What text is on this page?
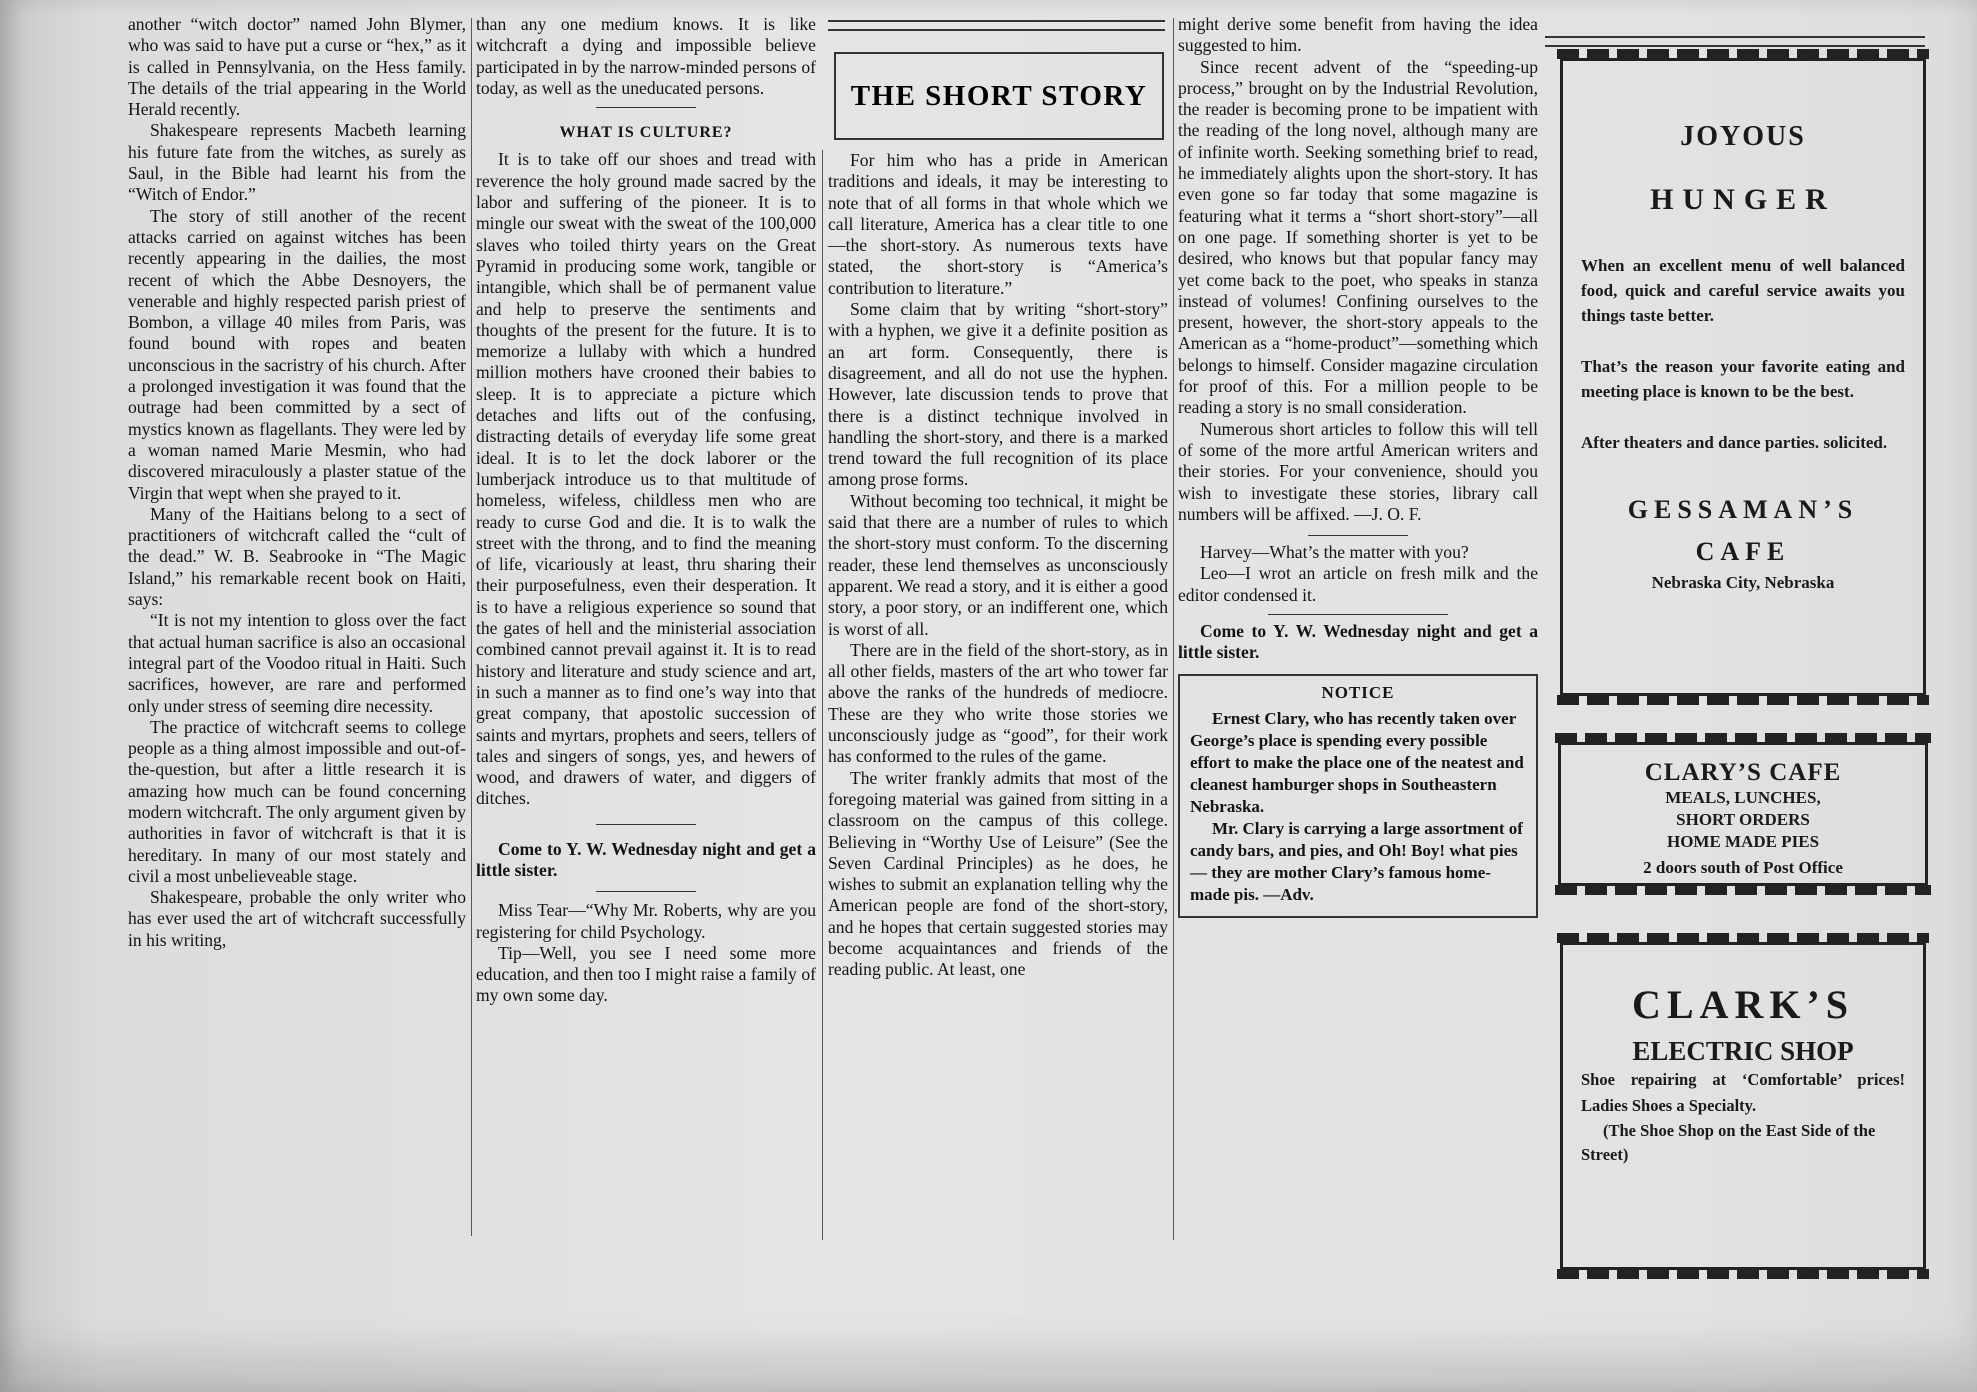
another “witch doctor” named John Blymer, who was said to have put a curse or “hex,” as it is called in Pennsylvania, on the Hess family. The details of the trial appearing in the World Herald recently.

Shakespeare represents Macbeth learning his future fate from the witches, as surely as Saul, in the Bible had learnt his from the “Witch of Endor.”

The story of still another of the recent attacks carried on against witches has been recently appearing in the dailies, the most recent of which the Abbe Desnoyers, the venerable and highly respected parish priest of Bombon, a village 40 miles from Paris, was found bound with ropes and beaten unconscious in the sacristry of his church. After a prolonged investigation it was found that the outrage had been committed by a sect of mystics known as flagellants. They were led by a woman named Marie Mesmin, who had discovered miraculously a plaster statue of the Virgin that wept when she prayed to it.

Many of the Haitians belong to a sect of practitioners of witchcraft called the “cult of the dead.” W. B. Seabrooke in “The Magic Island,” his remarkable recent book on Haiti, says:

“It is not my intention to gloss over the fact that actual human sacrifice is also an occasional integral part of the Voodoo ritual in Haiti. Such sacrifices, however, are rare and performed only under stress of seeming dire necessity.

The practice of witchcraft seems to college people as a thing almost impossible and out-of-the-question, but after a little research it is amazing how much can be found concerning modern witchcraft. The only argument given by authorities in favor of witchcraft is that it is hereditary. In many of our most stately and civil a most unbelieveable stage.

Shakespeare, probable the only writer who has ever used the art of witchcraft successfully in his writing,

than any one medium knows. It is like witchcraft a dying and impossible believe participated in by the narrow-minded persons of today, as well as the uneducated persons.

WHAT IS CULTURE?

It is to take off our shoes and tread with reverence the holy ground made sacred by the labor and suffering of the pioneer. It is to mingle our sweat with the sweat of the 100,000 slaves who toiled thirty years on the Great Pyramid in producing some work, tangible or intangible, which shall be of permanent value and help to preserve the sentiments and thoughts of the present for the future. It is to memorize a lullaby with which a hundred million mothers have crooned their babies to sleep. It is to appreciate a picture which detaches and lifts out of the confusing, distracting details of everyday life some great ideal. It is to let the dock laborer or the lumberjack introduce us to that multitude of homeless, wifeless, childless men who are ready to curse God and die. It is to walk the street with the throng, and to find the meaning of life, vicariously at least, thru sharing their their purposefulness, even their desperation. It is to have a religious experience so sound that the gates of hell and the ministerial association combined cannot prevail against it. It is to read history and literature and study science and art, in such a manner as to find one’s way into that great company, that apostolic succession of saints and myrtars, prophets and seers, tellers of tales and singers of songs, yes, and hewers of wood, and drawers of water, and diggers of ditches.

Come to Y. W. Wednesday night and get a little sister.

Miss Tear—“Why Mr. Roberts, why are you registering for child Psychology.

Tip—Well, you see I need some more education, and then too I might raise a family of my own some day.

THE SHORT STORY

For him who has a pride in American traditions and ideals, it may be interesting to note that of all forms in that whole which we call literature, America has a clear title to one —the short-story. As numerous texts have stated, the short-story is “America’s contribution to literature.”

Some claim that by writing “short-story” with a hyphen, we give it a definite position as an art form. Consequently, there is disagreement, and all do not use the hyphen. However, late discussion tends to prove that there is a distinct technique involved in handling the short-story, and there is a marked trend toward the full recognition of its place among prose forms.

Without becoming too technical, it might be said that there are a number of rules to which the short-story must conform. To the discerning reader, these lend themselves as unconsciously apparent. We read a story, and it is either a good story, a poor story, or an indifferent one, which is worst of all.

There are in the field of the short-story, as in all other fields, masters of the art who tower far above the ranks of the hundreds of mediocre. These are they who write those stories we unconsciously judge as “good”, for their work has conformed to the rules of the game.

The writer frankly admits that most of the foregoing material was gained from sitting in a classroom on the campus of this college. Believing in “Worthy Use of Leisure” (See the Seven Cardinal Principles) as he does, he wishes to submit an explanation telling why the American people are fond of the short-story, and he hopes that certain suggested stories may become acquaintances and friends of the reading public. At least, one

might derive some benefit from having the idea suggested to him.

Since recent advent of the “speeding-up process,” brought on by the Industrial Revolution, the reader is becoming prone to be impatient with the reading of the long novel, although many are of infinite worth. Seeking something brief to read, he immediately alights upon the short-story. It has even gone so far today that some magazine is featuring what it terms a “short short-story”—all on one page. If something shorter is yet to be desired, who knows but that popular fancy may yet come back to the poet, who speaks in stanza instead of volumes! Confining ourselves to the present, however, the short-story appeals to the American as a “home-product”—something which belongs to himself. Consider magazine circulation for proof of this. For a million people to be reading a story is no small consideration.

Numerous short articles to follow this will tell of some of the more artful American writers and their stories. For your convenience, should you wish to investigate these stories, library call numbers will be affixed. —J. O. F.

Harvey—What’s the matter with you?

Leo—I wrot an article on fresh milk and the editor condensed it.

Come to Y. W. Wednesday night and get a little sister.

NOTICE

Ernest Clary, who has recently taken over George’s place is spending every possible effort to make the place one of the neatest and cleanest hamburger shops in Southeastern Nebraska.

Mr. Clary is carrying a large assortment of candy bars, and pies, and Oh! Boy! what pies — they are mother Clary’s famous home-made pis. —Adv.

JOYOUS
HUNGER

When an excellent menu of well balanced food, quick and careful service awaits you things taste better.

That’s the reason your favorite eating and meeting place is known to be the best.

After theaters and dance parties. solicited.

GESSAMAN’S
CAFE

Nebraska City, Nebraska

CLARY’S CAFE

MEALS, LUNCHES,

SHORT ORDERS

HOME MADE PIES

2 doors south of Post Office

CLARK’S
ELECTRIC SHOP

Shoe repairing at ‘Comfortable’ prices! Ladies Shoes a Specialty.

(The Shoe Shop on the East Side of the Street)
